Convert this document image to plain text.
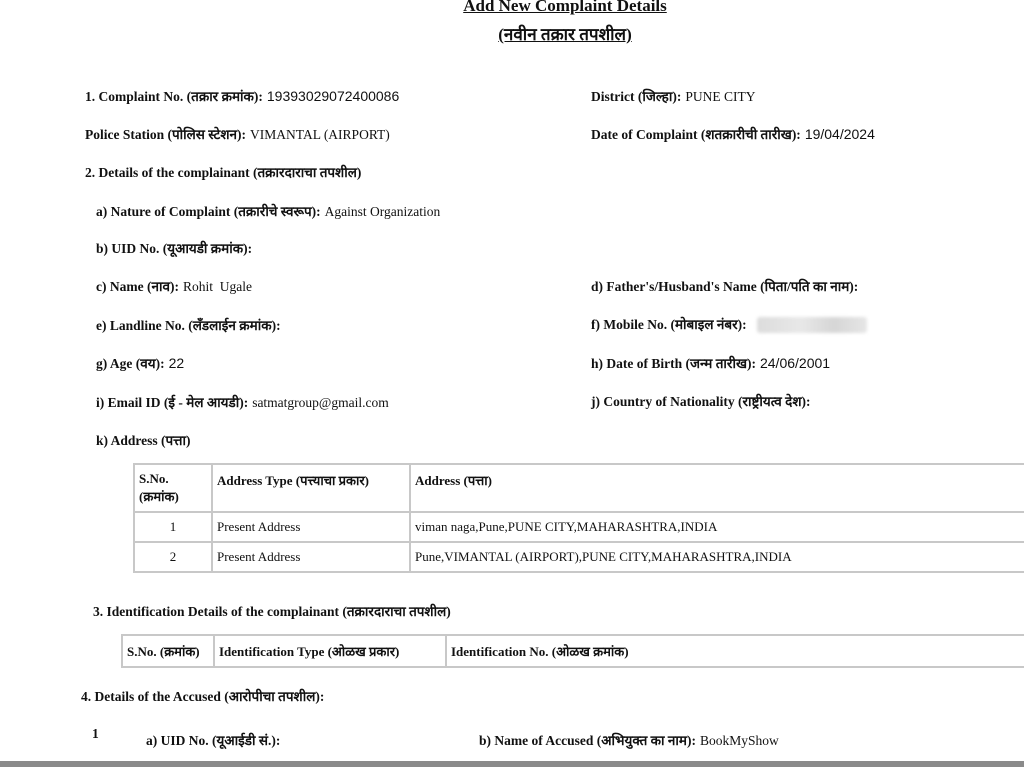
Add New Complaint Details
(नवीन तक्रार तपशील)
1. Complaint No. (तक्रार क्रमांक): 19393029072400086	District (जिल्हा): PUNE CITY
Police Station (पोलिस स्टेशन): VIMANTAL (AIRPORT)	Date of Complaint (शतक्रारीची तारीख): 19/04/2024
2. Details of the complainant (तक्रारदाराचा तपशील)
a) Nature of Complaint (तक्रारीचे स्वरूप): Against Organization
b) UID No. (यूआयडी क्रमांक):
c) Name (नाव): Rohit  Ugale	d) Father's/Husband's Name (पिता/पति का नाम):
e) Landline No. (लॅंडलाईन क्रमांक):	f) Mobile No. (मोबाइल नंबर):
g) Age (वय): 22	h) Date of Birth (जन्म तारीख): 24/06/2001
i) Email ID (ई - मेल आयडी): satmatgroup@gmail.com	j) Country of Nationality (राष्ट्रीयत्व देश):
k) Address (पत्ता)
S.No. (क्रमांक)	Address Type (पत्त्याचा प्रकार)	Address (पत्ता)
1	Present Address	viman naga,Pune,PUNE CITY,MAHARASHTRA,INDIA
2	Present Address	Pune,VIMANTAL (AIRPORT),PUNE CITY,MAHARASHTRA,INDIA
3. Identification Details of the complainant (तक्रारदाराचा तपशील)
S.No. (क्रमांक)	Identification Type (ओळख प्रकार)	Identification No. (ओळख क्रमांक)
4. Details of the Accused (आरोपीचा तपशील):
1	a) UID No. (यूआईडी सं.):	b) Name of Accused (अभियुक्त का नाम): BookMyShow
